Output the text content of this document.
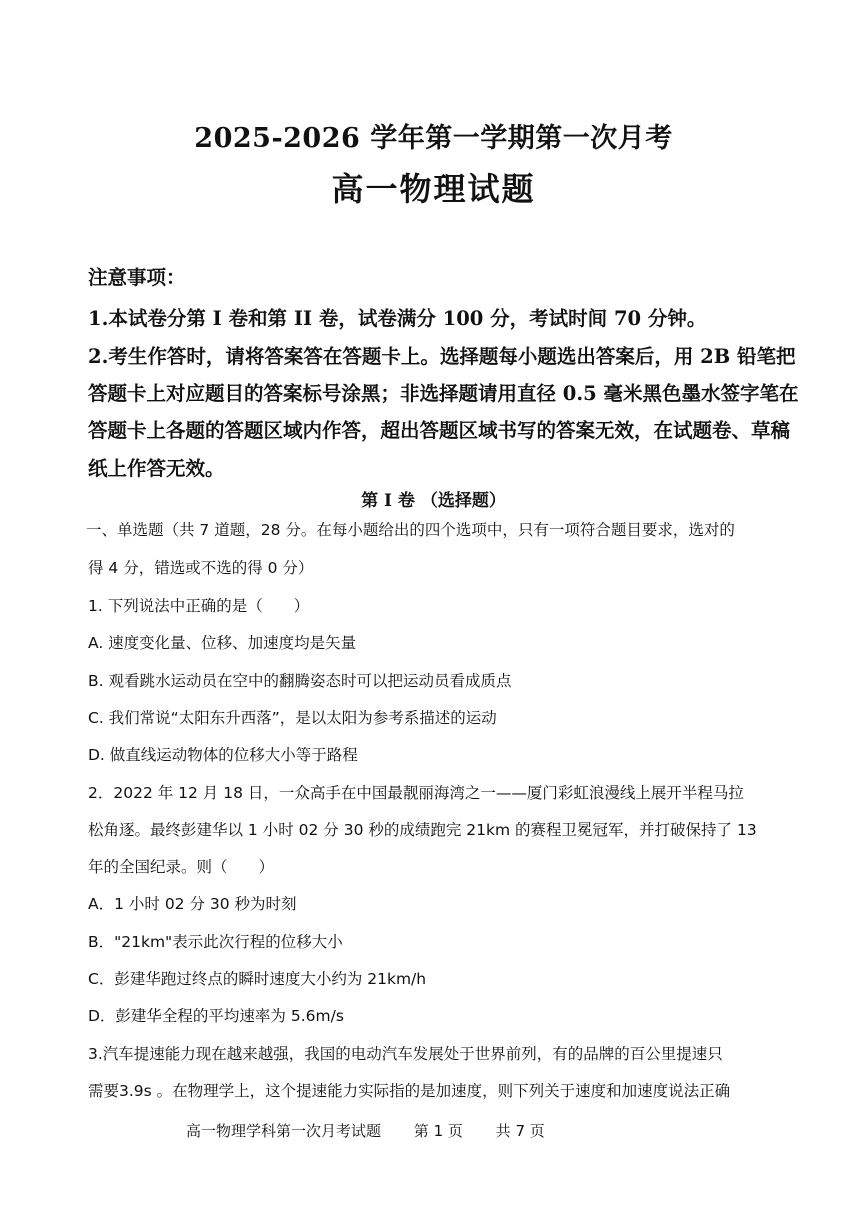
2025-2026 学年第一学期第一次月考
高一物理试题
注意事项：
1.本试卷分第 I 卷和第 II 卷，试卷满分 100 分，考试时间 70 分钟。
2.考生作答时，请将答案答在答题卡上。选择题每小题选出答案后，用 2B 铅笔把
答题卡上对应题目的答案标号涂黑；非选择题请用直径 0.5 毫米黑色墨水签字笔在
答题卡上各题的答题区域内作答，超出答题区域书写的答案无效，在试题卷、草稿
纸上作答无效。
第 I 卷 （选择题）
一、单选题（共 7 道题，28 分。在每小题给出的四个选项中，只有一项符合题目要求，选对的
得 4 分，错选或不选的得 0 分）
1. 下列说法中正确的是（　　）
A. 速度变化量、位移、加速度均是矢量
B. 观看跳水运动员在空中的翻腾姿态时可以把运动员看成质点
C. 我们常说“太阳东升西落”，是以太阳为参考系描述的运动
D. 做直线运动物体的位移大小等于路程
2．2022 年 12 月 18 日，一众高手在中国最靓丽海湾之一——厦门彩虹浪漫线上展开半程马拉
松角逐。最终彭建华以 1 小时 02 分 30 秒的成绩跑完 21km 的赛程卫冕冠军，并打破保持了 13
年的全国纪录。则（　　）
A．1 小时 02 分 30 秒为时刻
B．"21km"表示此次行程的位移大小
C．彭建华跑过终点的瞬时速度大小约为 21km/h
D．彭建华全程的平均速率为 5.6m/s
3.汽车提速能力现在越来越强，我国的电动汽车发展处于世界前列，有的品牌的百公里提速只
需要3.9s 。在物理学上，这个提速能力实际指的是加速度，则下列关于速度和加速度说法正确
高一物理学科第一次月考试题 第 1 页 共 7 页
